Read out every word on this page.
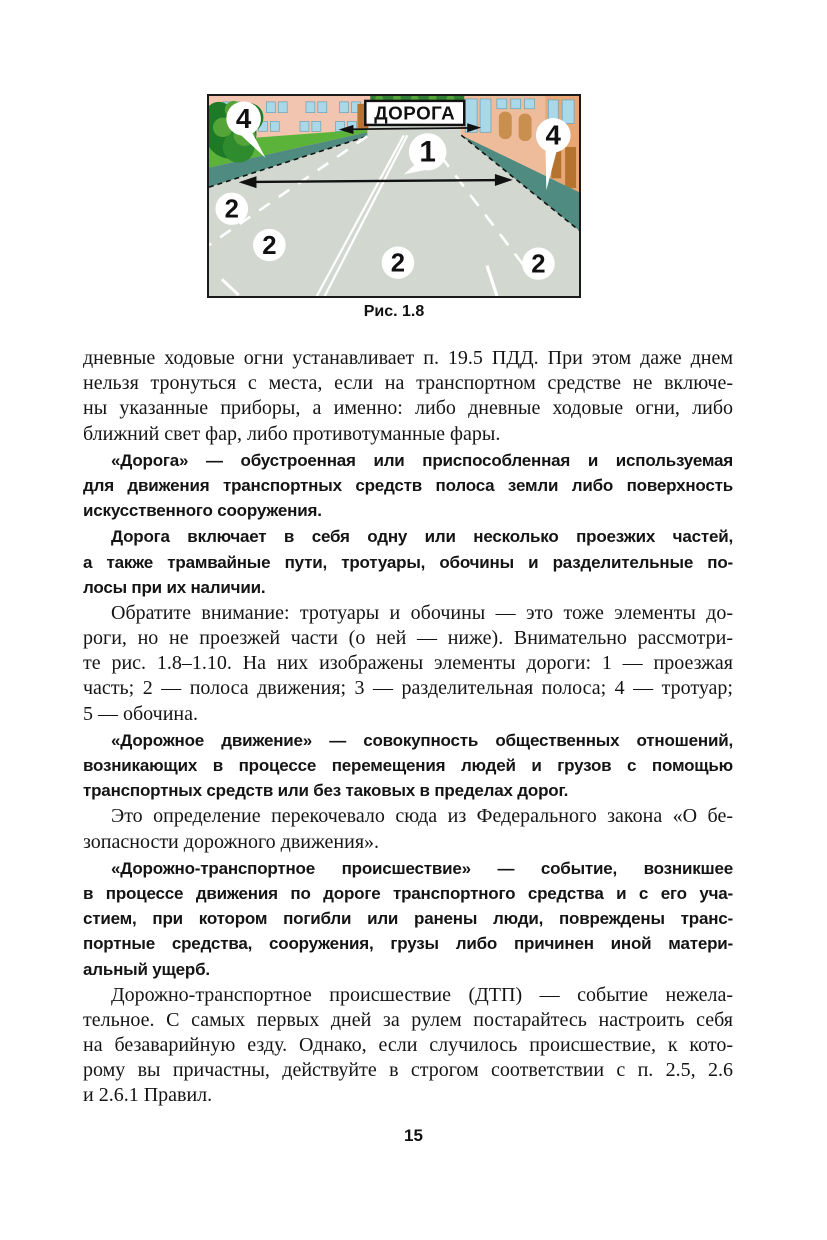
ДОРОГА
4
4
1
2
2
2	2
Рис. 1.8

дневные ходовые огни устанавливает п. 19.5 ПДД. При этом даже днем
нельзя тронуться с места, если на транспортном средстве не включе-
ны указанные приборы, а именно: либо дневные ходовые огни, либо
ближний свет фар, либо противотуманные фары.

«Дорога» — обустроенная или приспособленная и используемая
для движения транспортных средств полоса земли либо поверхность
искусственного сооружения.

Дорога включает в себя одну или несколько проезжих частей,
а также трамвайные пути, тротуары, обочины и разделительные по-
лосы при их наличии.

Обратите внимание: тротуары и обочины — это тоже элементы до-
роги, но не проезжей части (о ней — ниже). Внимательно рассмотри-
те рис. 1.8–1.10. На них изображены элементы дороги: 1 — проезжая
часть; 2 — полоса движения; 3 — разделительная полоса; 4 — тротуар;
5 — обочина.

«Дорожное движение» — совокупность общественных отношений,
возникающих в процессе перемещения людей и грузов с помощью
транспортных средств или без таковых в пределах дорог.

Это определение перекочевало сюда из Федерального закона «О бе-
зопасности дорожного движения».

«Дорожно-транспортное происшествие» — событие, возникшее
в процессе движения по дороге транспортного средства и с его уча-
стием, при котором погибли или ранены люди, повреждены транс-
портные средства, сооружения, грузы либо причинен иной матери-
альный ущерб.

Дорожно-транспортное происшествие (ДТП) — событие нежела-
тельное. С самых первых дней за рулем постарайтесь настроить себя
на безаварийную езду. Однако, если случилось происшествие, к кото-
рому вы причастны, действуйте в строгом соответствии с п. 2.5, 2.6
и 2.6.1 Правил.

15
